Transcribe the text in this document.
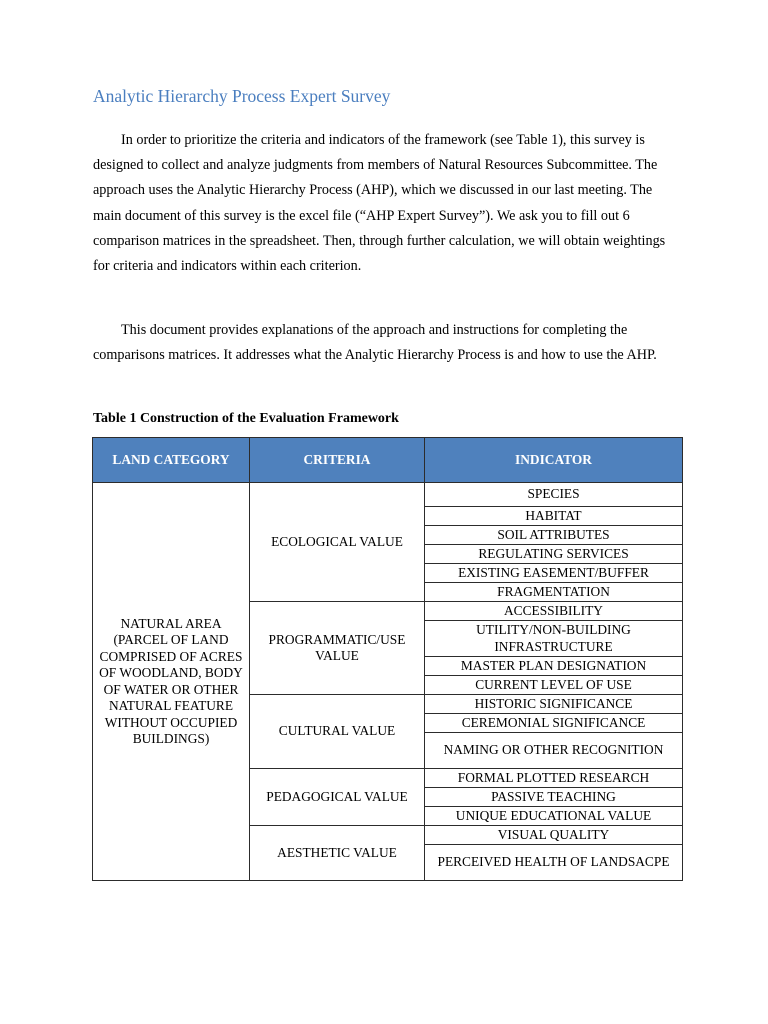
Analytic Hierarchy Process Expert Survey

In order to prioritize the criteria and indicators of the framework (see Table 1), this survey is designed to collect and analyze judgments from members of Natural Resources Subcommittee. The approach uses the Analytic Hierarchy Process (AHP), which we discussed in our last meeting. The main document of this survey is the excel file (“AHP Expert Survey”). We ask you to fill out 6 comparison matrices in the spreadsheet. Then, through further calculation, we will obtain weightings for criteria and indicators within each criterion.

This document provides explanations of the approach and instructions for completing the comparisons matrices. It addresses what the Analytic Hierarchy Process is and how to use the AHP.

Table 1 Construction of the Evaluation Framework
LAND CATEGORY	CRITERIA	INDICATOR
NATURAL AREA (PARCEL OF LAND COMPRISED OF ACRES OF WOODLAND, BODY OF WATER OR OTHER NATURAL FEATURE WITHOUT OCCUPIED BUILDINGS)	ECOLOGICAL VALUE	SPECIES
		HABITAT
		SOIL ATTRIBUTES
		REGULATING SERVICES
		EXISTING EASEMENT/BUFFER
		FRAGMENTATION
	PROGRAMMATIC/USE VALUE	ACCESSIBILITY
		UTILITY/NON-BUILDING INFRASTRUCTURE
		MASTER PLAN DESIGNATION
		CURRENT LEVEL OF USE
	CULTURAL VALUE	HISTORIC SIGNIFICANCE
		CEREMONIAL SIGNIFICANCE
		NAMING OR OTHER RECOGNITION
	PEDAGOGICAL VALUE	FORMAL PLOTTED RESEARCH
		PASSIVE TEACHING
		UNIQUE EDUCATIONAL VALUE
	AESTHETIC VALUE	VISUAL QUALITY
		PERCEIVED HEALTH OF LANDSACPE
